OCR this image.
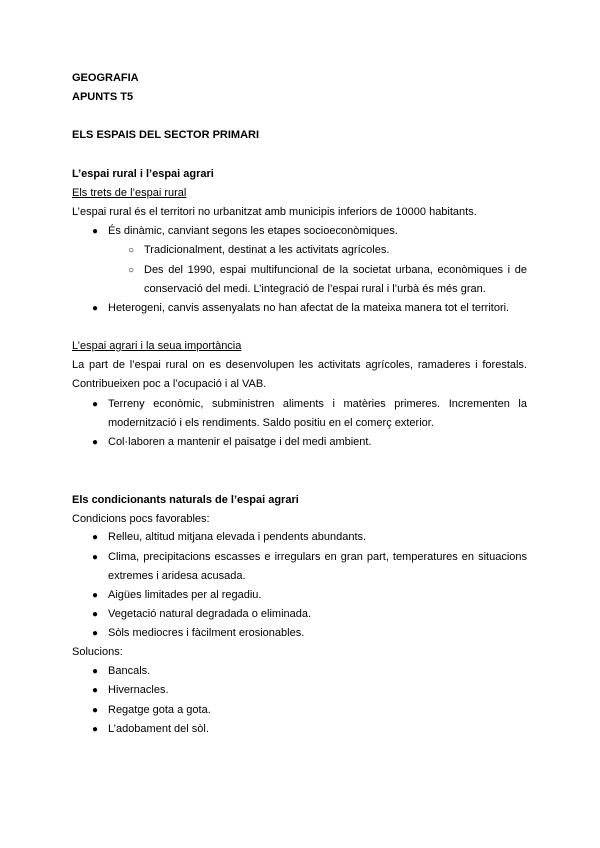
GEOGRAFIA
APUNTS T5
ELS ESPAIS DEL SECTOR PRIMARI
L’espai rural i l’espai agrari
Els trets de l’espai rural
L’espai rural és el territori no urbanitzat amb municipis inferiors de 10000 habitants.
● És dinàmic, canviant segons les etapes socioeconòmiques.
○ Tradicionalment, destinat a les activitats agrícoles.
○ Des del 1990, espai multifuncional de la societat urbana, econòmiques i de
conservació del medi. L’integració de l’espai rural i l’urbà és més gran.
● Heterogeni, canvis assenyalats no han afectat de la mateixa manera tot el territori.
L’espai agrari i la seua importància
La part de l’espai rural on es desenvolupen les activitats agrícoles, ramaderes i forestals.
Contribueixen poc a l’ocupació i al VAB.
● Terreny econòmic, subministren aliments i matèries primeres. Incrementen la
modernització i els rendiments. Saldo positiu en el comerç exterior.
● Col·laboren a mantenir el paisatge i del medi ambient.
Els condicionants naturals de l’espai agrari
Condicions pocs favorables:
● Relleu, altitud mitjana elevada i pendents abundants.
● Clima, precipitacions escasses e irregulars en gran part, temperatures en situacions
extremes i aridesa acusada.
● Aigües limitades per al regadiu.
● Vegetació natural degradada o eliminada.
● Sòls mediocres i fàcilment erosionables.
Solucions:
● Bancals.
● Hivernacles.
● Regatge gota a gota.
● L’adobament del sòl.
